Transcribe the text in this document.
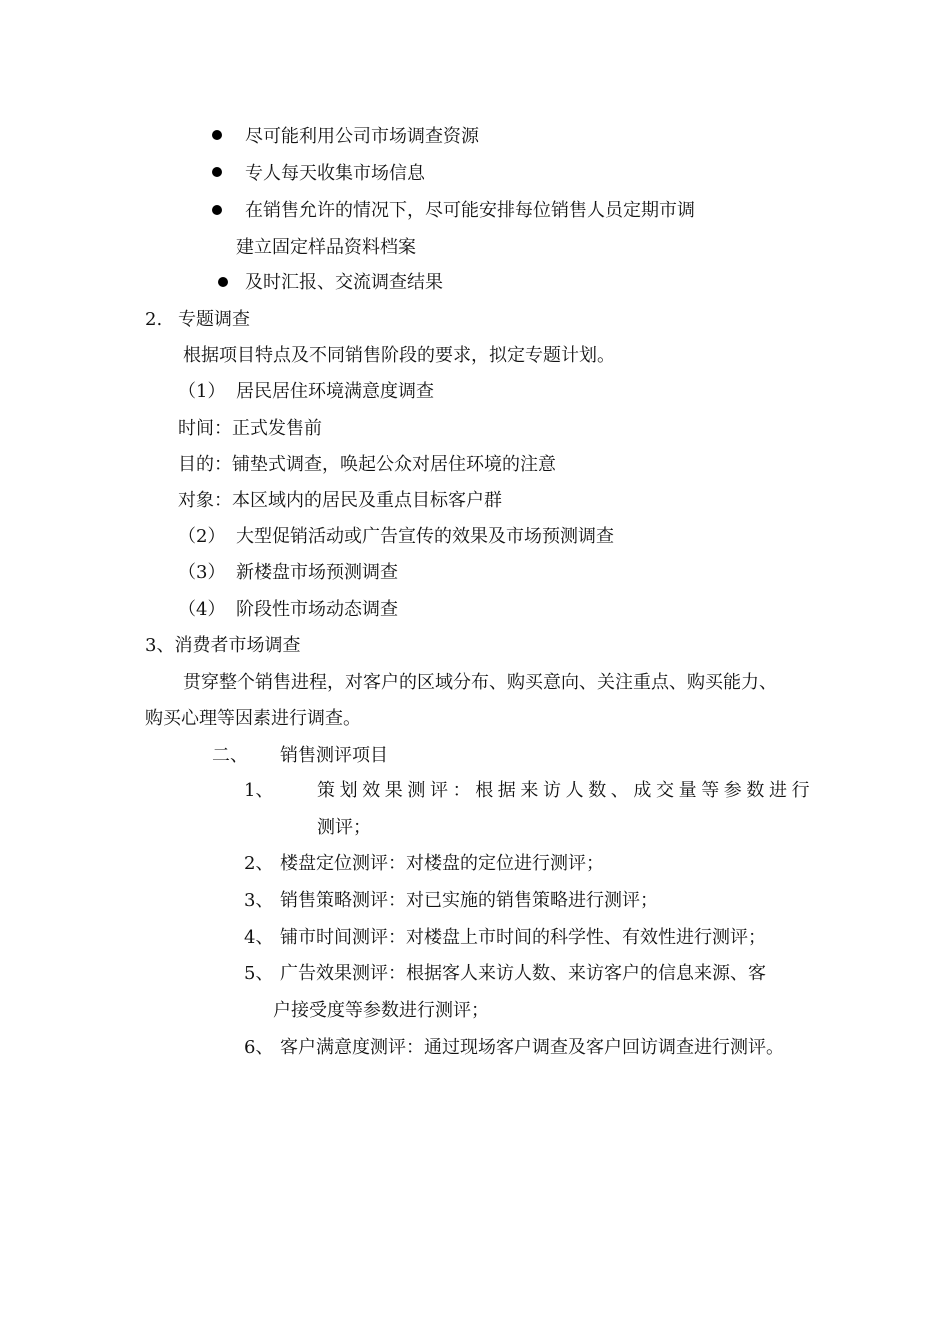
尽可能利用公司市场调查资源
专人每天收集市场信息
在销售允许的情况下，尽可能安排每位销售人员定期市调
建立固定样品资料档案
及时汇报、交流调查结果
2. 专题调查
根据项目特点及不同销售阶段的要求，拟定专题计划。
（1） 居民居住环境满意度调查
时间：正式发售前
目的：铺垫式调查，唤起公众对居住环境的注意
对象：本区域内的居民及重点目标客户群
（2） 大型促销活动或广告宣传的效果及市场预测调查
（3） 新楼盘市场预测调查
（4） 阶段性市场动态调查
3、消费者市场调查
贯穿整个销售进程，对客户的区域分布、购买意向、关注重点、购买能力、
购买心理等因素进行调查。
二、 销售测评项目
1、 策划效果测评：根据来访人数、成交量等参数进行
测评；
2、 楼盘定位测评：对楼盘的定位进行测评；
3、 销售策略测评：对已实施的销售策略进行测评；
4、 铺市时间测评：对楼盘上市时间的科学性、有效性进行测评；
5、 广告效果测评：根据客人来访人数、来访客户的信息来源、客
户接受度等参数进行测评；
6、 客户满意度测评：通过现场客户调查及客户回访调查进行测评。
